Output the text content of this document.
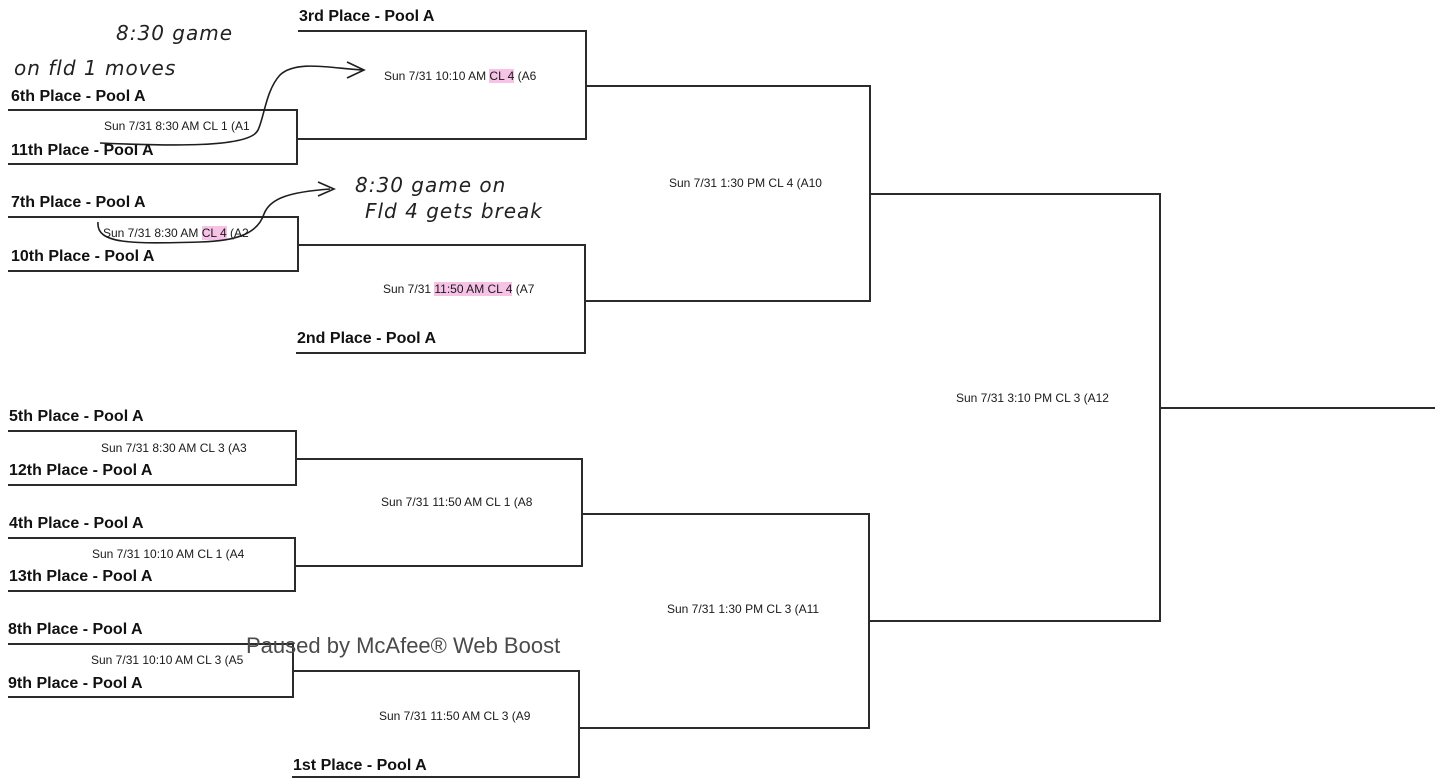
3rd Place - Pool A
6th Place - Pool A
11th Place - Pool A
7th Place - Pool A
10th Place - Pool A
2nd Place - Pool A
5th Place - Pool A
12th Place - Pool A
4th Place - Pool A
13th Place - Pool A
8th Place - Pool A
9th Place - Pool A
1st Place - Pool A
Sun 7/31 10:10 AM CL 4 (A6
Sun 7/31 8:30 AM CL 1 (A1
Sun 7/31 8:30 AM CL 4 (A2
Sun 7/31 11:50 AM CL 4 (A7
Sun 7/31 1:30 PM CL 4 (A10
Sun 7/31 3:10 PM CL 3 (A12
Sun 7/31 8:30 AM CL 3 (A3
Sun 7/31 11:50 AM CL 1 (A8
Sun 7/31 10:10 AM CL 1 (A4
Sun 7/31 1:30 PM CL 3 (A11
Sun 7/31 10:10 AM CL 3 (A5
Sun 7/31 11:50 AM CL 3 (A9
8:30 game
on fld 1 moves
8:30 game on
Fld 4 gets break
Paused by McAfee® Web Boost
